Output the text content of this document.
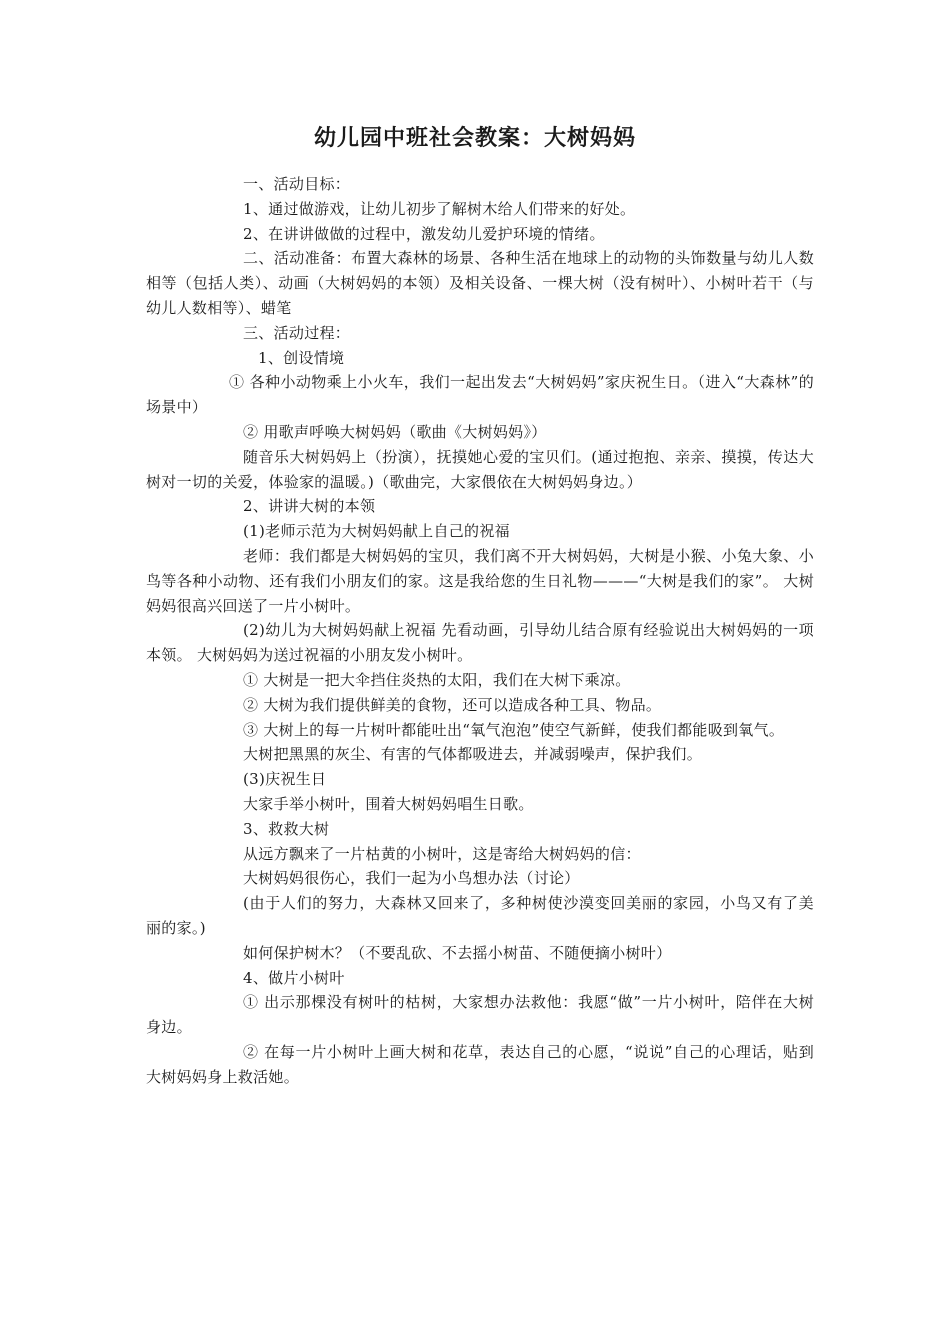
幼儿园中班社会教案：大树妈妈

一、活动目标：

1、通过做游戏，让幼儿初步了解树木给人们带来的好处。

2、在讲讲做做的过程中，激发幼儿爱护环境的情绪。

二、活动准备：布置大森林的场景、各种生活在地球上的动物的头饰数量与幼儿人数相等（包括人类）、动画（大树妈妈的本领）及相关设备、一棵大树（没有树叶）、小树叶若干（与幼儿人数相等）、蜡笔

三、活动过程：

1、创设情境

① 各种小动物乘上小火车，我们一起出发去“大树妈妈”家庆祝生日。（进入“大森林”的场景中）

② 用歌声呼唤大树妈妈（歌曲《大树妈妈》）

随音乐大树妈妈上（扮演），抚摸她心爱的宝贝们。(通过抱抱、亲亲、摸摸，传达大树对一切的关爱，体验家的温暖。)（歌曲完，大家偎依在大树妈妈身边。）

2、讲讲大树的本领

(1)老师示范为大树妈妈献上自己的祝福

老师：我们都是大树妈妈的宝贝，我们离不开大树妈妈，大树是小猴、小兔大象、小鸟等各种小动物、还有我们小朋友们的家。这是我给您的生日礼物———“大树是我们的家”。 大树妈妈很高兴回送了一片小树叶。

(2)幼儿为大树妈妈献上祝福 先看动画，引导幼儿结合原有经验说出大树妈妈的一项本领。 大树妈妈为送过祝福的小朋友发小树叶。

① 大树是一把大伞挡住炎热的太阳，我们在大树下乘凉。

② 大树为我们提供鲜美的食物，还可以造成各种工具、物品。

③ 大树上的每一片树叶都能吐出“氧气泡泡”使空气新鲜，使我们都能吸到氧气。

大树把黑黑的灰尘、有害的气体都吸进去，并减弱噪声，保护我们。

(3)庆祝生日

大家手举小树叶，围着大树妈妈唱生日歌。

3、救救大树

从远方飘来了一片枯黄的小树叶，这是寄给大树妈妈的信：

大树妈妈很伤心，我们一起为小鸟想办法（讨论）

(由于人们的努力，大森林又回来了，多种树使沙漠变回美丽的家园，小鸟又有了美丽的家。)

如何保护树木？（不要乱砍、不去摇小树苗、不随便摘小树叶）

4、做片小树叶

① 出示那棵没有树叶的枯树，大家想办法救他：我愿“做”一片小树叶，陪伴在大树身边。

② 在每一片小树叶上画大树和花草，表达自己的心愿，“说说”自己的心理话，贴到大树妈妈身上救活她。
